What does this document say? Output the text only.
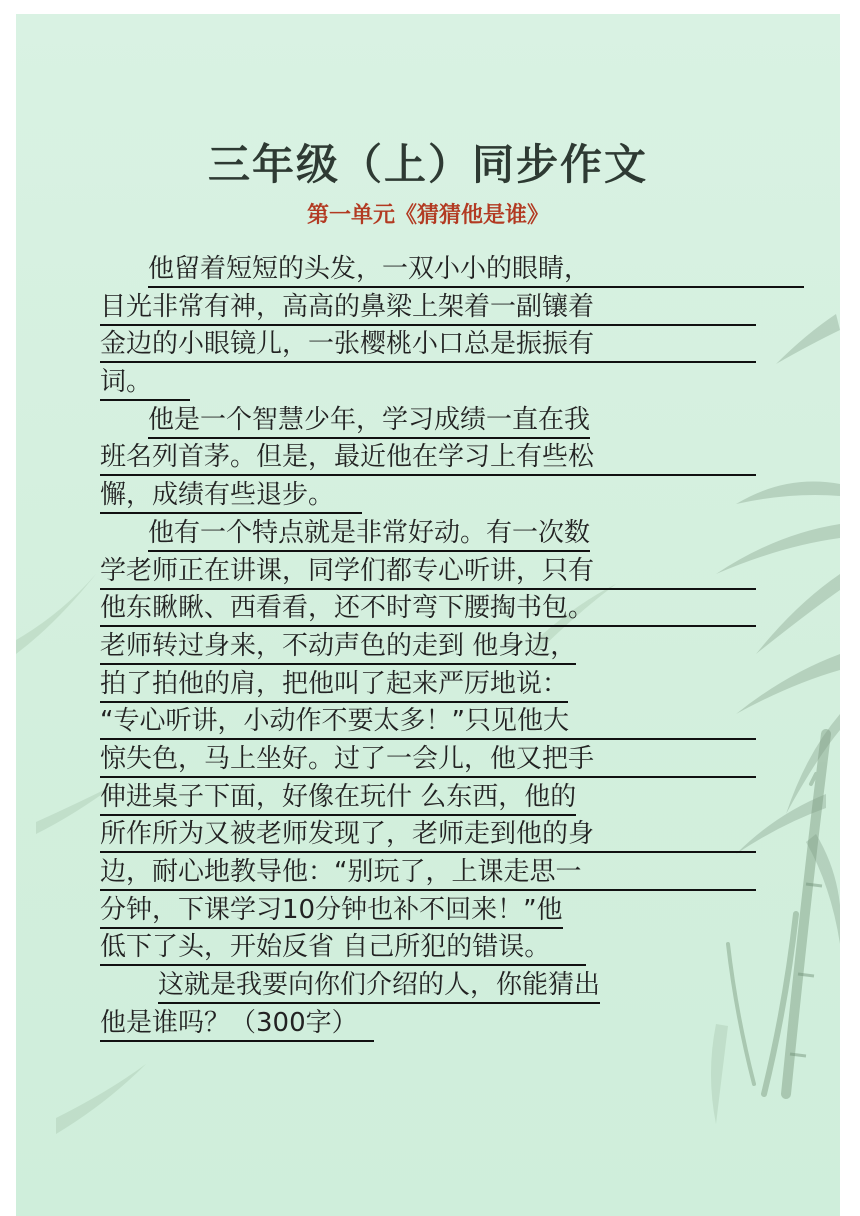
三年级（上）同步作文
第一单元《猜猜他是谁》
他留着短短的头发，一双小小的眼睛，
目光非常有神，高高的鼻梁上架着一副镶着
金边的小眼镜儿，一张樱桃小口总是振振有
词。
他是一个智慧少年，学习成绩一直在我
班名列首茅。但是，最近他在学习上有些松
懈，成绩有些退步。
他有一个特点就是非常好动。有一次数
学老师正在讲课，同学们都专心听讲，只有
他东瞅瞅、西看看，还不时弯下腰掏书包。
老师转过身来，不动声色的走到 他身边，
拍了拍他的肩，把他叫了起来严厉地说：
“专心听讲，小动作不要太多！”只见他大
惊失色，马上坐好。过了一会儿，他又把手
伸进桌子下面，好像在玩什 么东西，他的
所作所为又被老师发现了，老师走到他的身
边，耐心地教导他：“别玩了，上课走思一
分钟，下课学习10分钟也补不回来！”他
低下了头，开始反省 自己所犯的错误。
这就是我要向你们介绍的人，你能猜出
他是谁吗？（300字）
